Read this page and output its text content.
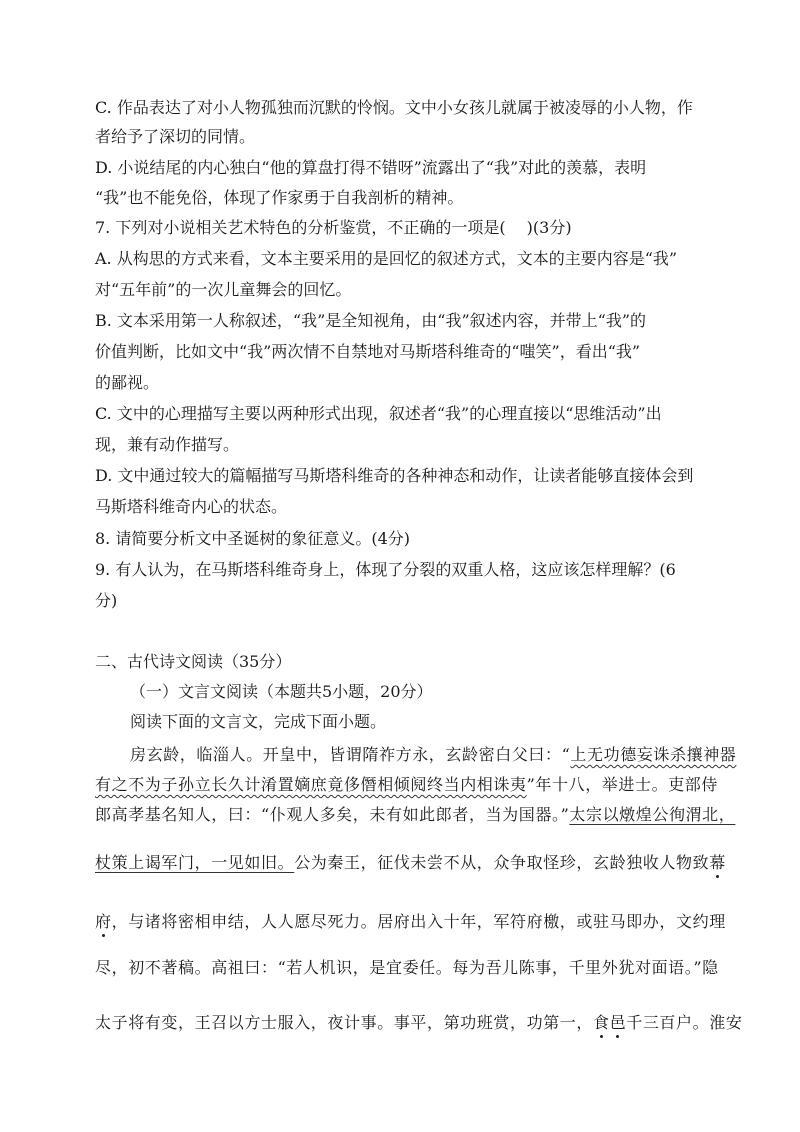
C. 作品表达了对小人物孤独而沉默的怜悯。文中小女孩儿就属于被凌辱的小人物，作
者给予了深切的同情。
D. 小说结尾的内心独白“他的算盘打得不错呀”流露出了“我”对此的羡慕，表明
“我”也不能免俗，体现了作家勇于自我剖析的精神。
7. 下列对小说相关艺术特色的分析鉴赏，不正确的一项是(　 )(3分)
A. 从构思的方式来看，文本主要采用的是回忆的叙述方式，文本的主要内容是“我”
对“五年前”的一次儿童舞会的回忆。
B. 文本采用第一人称叙述，“我”是全知视角，由“我”叙述内容，并带上“我”的
价值判断，比如文中“我”两次情不自禁地对马斯塔科维奇的“嗤笑”，看出“我”
的鄙视。
C. 文中的心理描写主要以两种形式出现，叙述者“我”的心理直接以“思维活动”出
现，兼有动作描写。
D. 文中通过较大的篇幅描写马斯塔科维奇的各种神态和动作，让读者能够直接体会到
马斯塔科维奇内心的状态。
8. 请简要分析文中圣诞树的象征意义。(4分)
9. 有人认为，在马斯塔科维奇身上，体现了分裂的双重人格，这应该怎样理解？(6
分)
二、古代诗文阅读（35分）
（一）文言文阅读（本题共5小题，20分）
阅读下面的文言文，完成下面小题。
房玄龄，临淄人。开皇中，皆谓隋祚方永，玄龄密白父曰：“上无功德妄诛杀攘神器
有之不为子孙立长久计淆置嫡庶竟侈僭相倾阋终当内相诛夷”年十八，举进士。吏部侍
郎高孝基名知人，曰：“仆观人多矣，未有如此郎者，当为国器。”太宗以燉煌公徇渭北，
杖策上谒军门，一见如旧。公为秦王，征伐未尝不从，众争取怪珍，玄龄独收人物致幕
府，与诸将密相申结，人人愿尽死力。居府出入十年，军符府檄，或驻马即办，文约理
尽，初不著稿。高祖曰：“若人机识，是宜委任。每为吾儿陈事，千里外犹对面语。”隐
太子将有变，王召以方士服入，夜计事。事平，第功班赏，功第一，食邑千三百户。淮安
